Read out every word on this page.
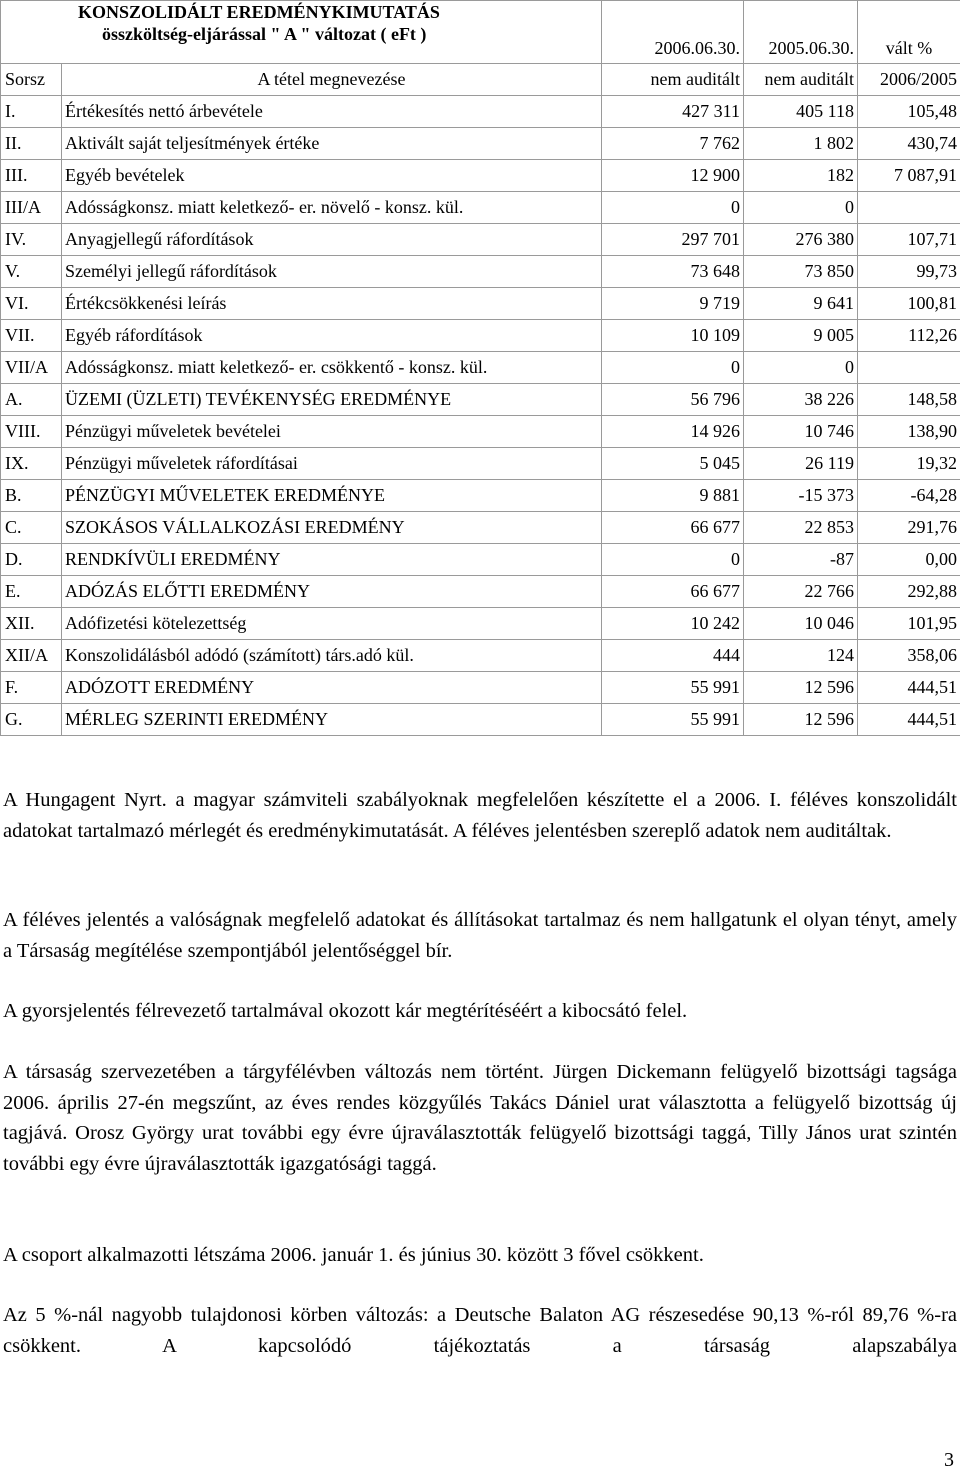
KONSZOLIDÁLT EREDMÉNYKIMUTATÁS
összköltség-eljárással " A " változat ( eFt )		2006.06.30.	2005.06.30.	vált %
Sorsz	A tétel megnevezése	nem auditált	nem auditált	2006/2005
I.	Értékesítés nettó árbevétele	427 311	405 118	105,48
II.	Aktivált saját teljesítmények értéke	7 762	1 802	430,74
III.	Egyéb bevételek	12 900	182	7 087,91
III/A	Adósságkonsz. miatt keletkező- er. növelő - konsz. kül.	0	0	
IV.	Anyagjellegű ráfordítások	297 701	276 380	107,71
V.	Személyi jellegű ráfordítások	73 648	73 850	99,73
VI.	Értékcsökkenési leírás	9 719	9 641	100,81
VII.	Egyéb ráfordítások	10 109	9 005	112,26
VII/A	Adósságkonsz. miatt keletkező- er. csökkentő - konsz. kül.	0	0	
A.	ÜZEMI (ÜZLETI) TEVÉKENYSÉG EREDMÉNYE	56 796	38 226	148,58
VIII.	Pénzügyi műveletek bevételei	14 926	10 746	138,90
IX.	Pénzügyi műveletek ráfordításai	5 045	26 119	19,32
B.	PÉNZÜGYI MŰVELETEK EREDMÉNYE	9 881	-15 373	-64,28
C.	SZOKÁSOS VÁLLALKOZÁSI EREDMÉNY	66 677	22 853	291,76
D.	RENDKÍVÜLI EREDMÉNY	0	-87	0,00
E.	ADÓZÁS ELŐTTI EREDMÉNY	66 677	22 766	292,88
XII.	Adófizetési kötelezettség	10 242	10 046	101,95
XII/A	Konszolidálásból adódó (számított) társ.adó kül.	444	124	358,06
F.	ADÓZOTT EREDMÉNY	55 991	12 596	444,51
G.	MÉRLEG SZERINTI EREDMÉNY	55 991	12 596	444,51

A Hungagent Nyrt. a magyar számviteli szabályoknak megfelelően készítette el a 2006. I. féléves konszolidált adatokat tartalmazó mérlegét és eredménykimutatását. A féléves jelentésben szereplő adatok nem auditáltak.

A féléves jelentés a valóságnak megfelelő adatokat és állításokat tartalmaz és nem hallgatunk el olyan tényt, amely a Társaság megítélése szempontjából jelentőséggel bír.

A gyorsjelentés félrevezető tartalmával okozott kár megtérítéséért a kibocsátó felel.

A társaság szervezetében a tárgyfélévben változás nem történt. Jürgen Dickemann felügyelő bizottsági tagsága 2006. április 27-én megszűnt, az éves rendes közgyűlés Takács Dániel urat választotta a felügyelő bizottság új tagjává. Orosz György urat további egy évre újraválasztották felügyelő bizottsági taggá, Tilly János urat szintén további egy évre újraválasztották igazgatósági taggá.

A csoport alkalmazotti létszáma 2006. január 1. és június 30. között 3 fővel csökkent.

Az 5 %-nál nagyobb tulajdonosi körben változás: a Deutsche Balaton AG részesedése 90,13 %-ról 89,76 %-ra csökkent. A kapcsolódó tájékoztatás a társaság alapszabálya

3
